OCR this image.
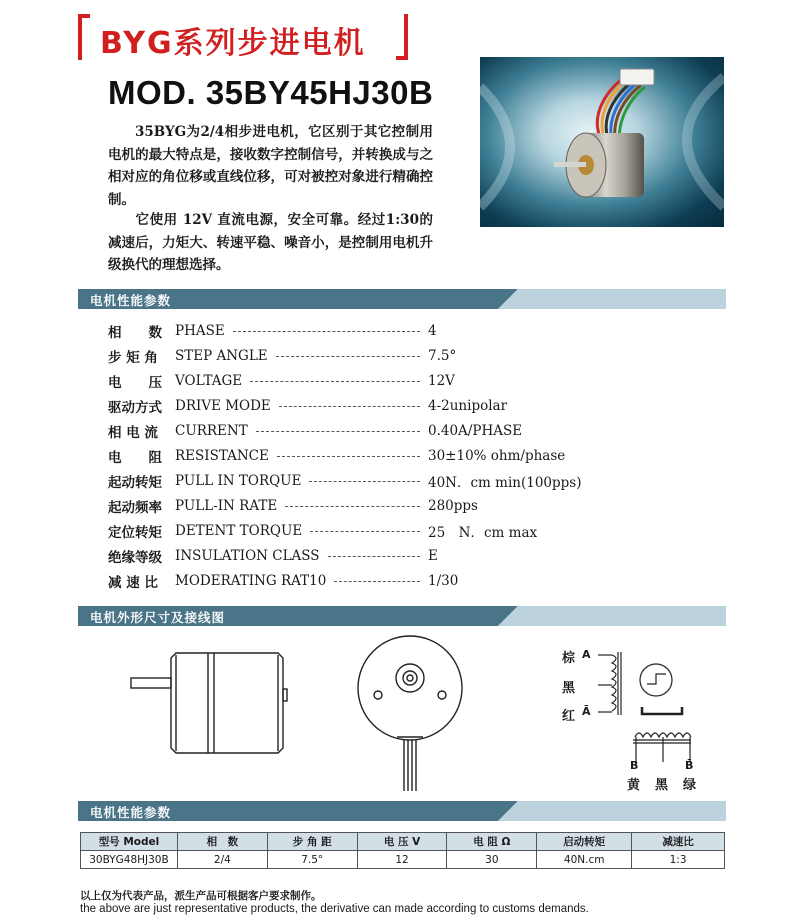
BYG系列步进电机
MOD. 35BY45HJ30B
35BYG为2/4相步进电机，它区别于其它控制用电机的最大特点是，接收数字控制信号，并转换成与之相对应的角位移或直线位移，可对被控对象进行精确控制。
它使用 12V 直流电源，安全可靠。经过1:30的减速后，力矩大、转速平稳、噪音小，是控制用电机升级换代的理想选择。
电机性能参数
相　　数 PHASE	4
步 矩 角	STEP ANGLE	7.5°
电　　压 VOLTAGE	12V
驱动方式 DRIVE MODE	4-2unipolar
相 电 流	CURRENT	0.40A/PHASE
电　　阻 RESISTANCE	30±10% ohm/phase
起动转矩 PULL IN TORQUE	40N．cm min(100pps)
起动频率 PULL-IN RATE	280pps
定位转矩 DETENT TORQUE	25　N．cm max
绝缘等级 INSULATION CLASS	E
减 速 比	MODERATING RAT10	1/30
电机外形尺寸及接线图
棕 A
黑
红 Ā
B	B̄
黄 黑 绿
电机性能参数
型号 Model	相　数	步 角 距	电 压 V	电 阻 Ω	启动转矩	减速比
30BYG48HJ30B	2/4	7.5°	12	30	40N.cm	1:3
以上仅为代表产品，派生产品可根据客户要求制作。
the above are just representative products, the derivative can made according to customs demands.
